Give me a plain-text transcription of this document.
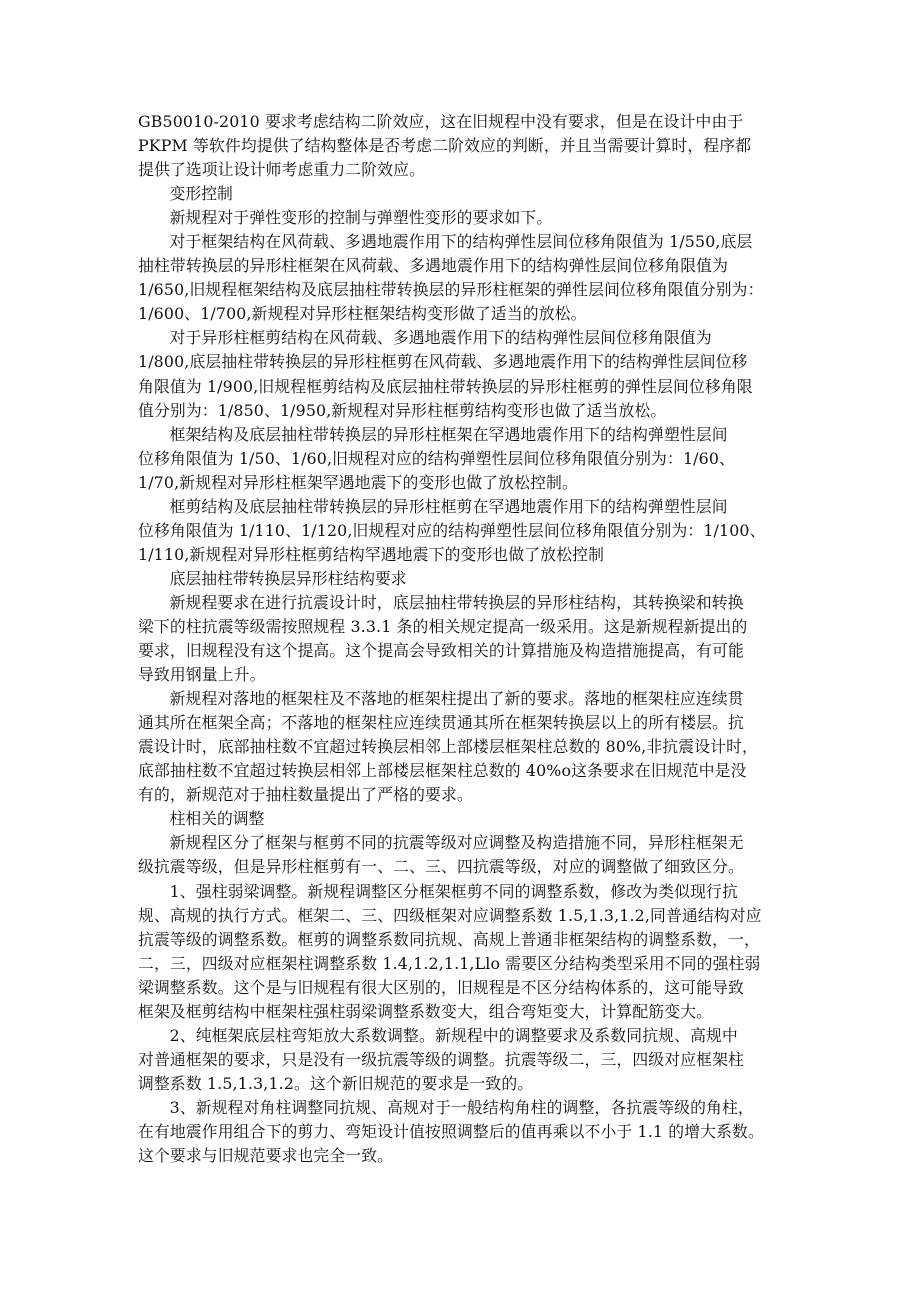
GB50010-2010 要求考虑结构二阶效应，这在旧规程中没有要求，但是在设计中由于
PKPM 等软件均提供了结构整体是否考虑二阶效应的判断，并且当需要计算时，程序都
提供了选项让设计师考虑重力二阶效应。

变形控制

新规程对于弹性变形的控制与弹塑性变形的要求如下。

对于框架结构在风荷载、多遇地震作用下的结构弹性层间位移角限值为 1/550,底层
抽柱带转换层的异形柱框架在风荷载、多遇地震作用下的结构弹性层间位移角限值为
1/650,旧规程框架结构及底层抽柱带转换层的异形柱框架的弹性层间位移角限值分别为：
1/600、1/700,新规程对异形柱框架结构变形做了适当的放松。

对于异形柱框剪结构在风荷载、多遇地震作用下的结构弹性层间位移角限值为
1/800,底层抽柱带转换层的异形柱框剪在风荷载、多遇地震作用下的结构弹性层间位移
角限值为 1/900,旧规程框剪结构及底层抽柱带转换层的异形柱框剪的弹性层间位移角限
值分别为：1/850、1/950,新规程对异形柱框剪结构变形也做了适当放松。

框架结构及底层抽柱带转换层的异形柱框架在罕遇地震作用下的结构弹塑性层间
位移角限值为 1/50、1/60,旧规程对应的结构弹塑性层间位移角限值分别为：1/60、
1/70,新规程对异形柱框架罕遇地震下的变形也做了放松控制。

框剪结构及底层抽柱带转换层的异形柱框剪在罕遇地震作用下的结构弹塑性层间
位移角限值为 1/110、1/120,旧规程对应的结构弹塑性层间位移角限值分别为：1/100、
1/110,新规程对异形柱框剪结构罕遇地震下的变形也做了放松控制

底层抽柱带转换层异形柱结构要求

新规程要求在进行抗震设计时，底层抽柱带转换层的异形柱结构，其转换梁和转换
梁下的柱抗震等级需按照规程 3.3.1 条的相关规定提高一级采用。这是新规程新提出的
要求，旧规程没有这个提高。这个提高会导致相关的计算措施及构造措施提高，有可能
导致用钢量上升。

新规程对落地的框架柱及不落地的框架柱提出了新的要求。落地的框架柱应连续贯
通其所在框架全高；不落地的框架柱应连续贯通其所在框架转换层以上的所有楼层。抗
震设计时，底部抽柱数不宜超过转换层相邻上部楼层框架柱总数的 80%,非抗震设计时，
底部抽柱数不宜超过转换层相邻上部楼层框架柱总数的 40%o这条要求在旧规范中是没
有的，新规范对于抽柱数量提出了严格的要求。

柱相关的调整

新规程区分了框架与框剪不同的抗震等级对应调整及构造措施不同，异形柱框架无
级抗震等级，但是异形柱框剪有一、二、三、四抗震等级，对应的调整做了细致区分。

1、强柱弱梁调整。新规程调整区分框架框剪不同的调整系数，修改为类似现行抗
规、高规的执行方式。框架二、三、四级框架对应调整系数 1.5,1.3,1.2,同普通结构对应
抗震等级的调整系数。框剪的调整系数同抗规、高规上普通非框架结构的调整系数，一，
二，三，四级对应框架柱调整系数 1.4,1.2,1.1,Llo 需要区分结构类型采用不同的强柱弱
梁调整系数。这个是与旧规程有很大区别的，旧规程是不区分结构体系的，这可能导致
框架及框剪结构中框架柱强柱弱梁调整系数变大，组合弯矩变大，计算配筋变大。

2、纯框架底层柱弯矩放大系数调整。新规程中的调整要求及系数同抗规、高规中
对普通框架的要求，只是没有一级抗震等级的调整。抗震等级二，三，四级对应框架柱
调整系数 1.5,1.3,1.2。这个新旧规范的要求是一致的。

3、新规程对角柱调整同抗规、高规对于一般结构角柱的调整，各抗震等级的角柱，
在有地震作用组合下的剪力、弯矩设计值按照调整后的值再乘以不小于 1.1 的增大系数。
这个要求与旧规范要求也完全一致。
